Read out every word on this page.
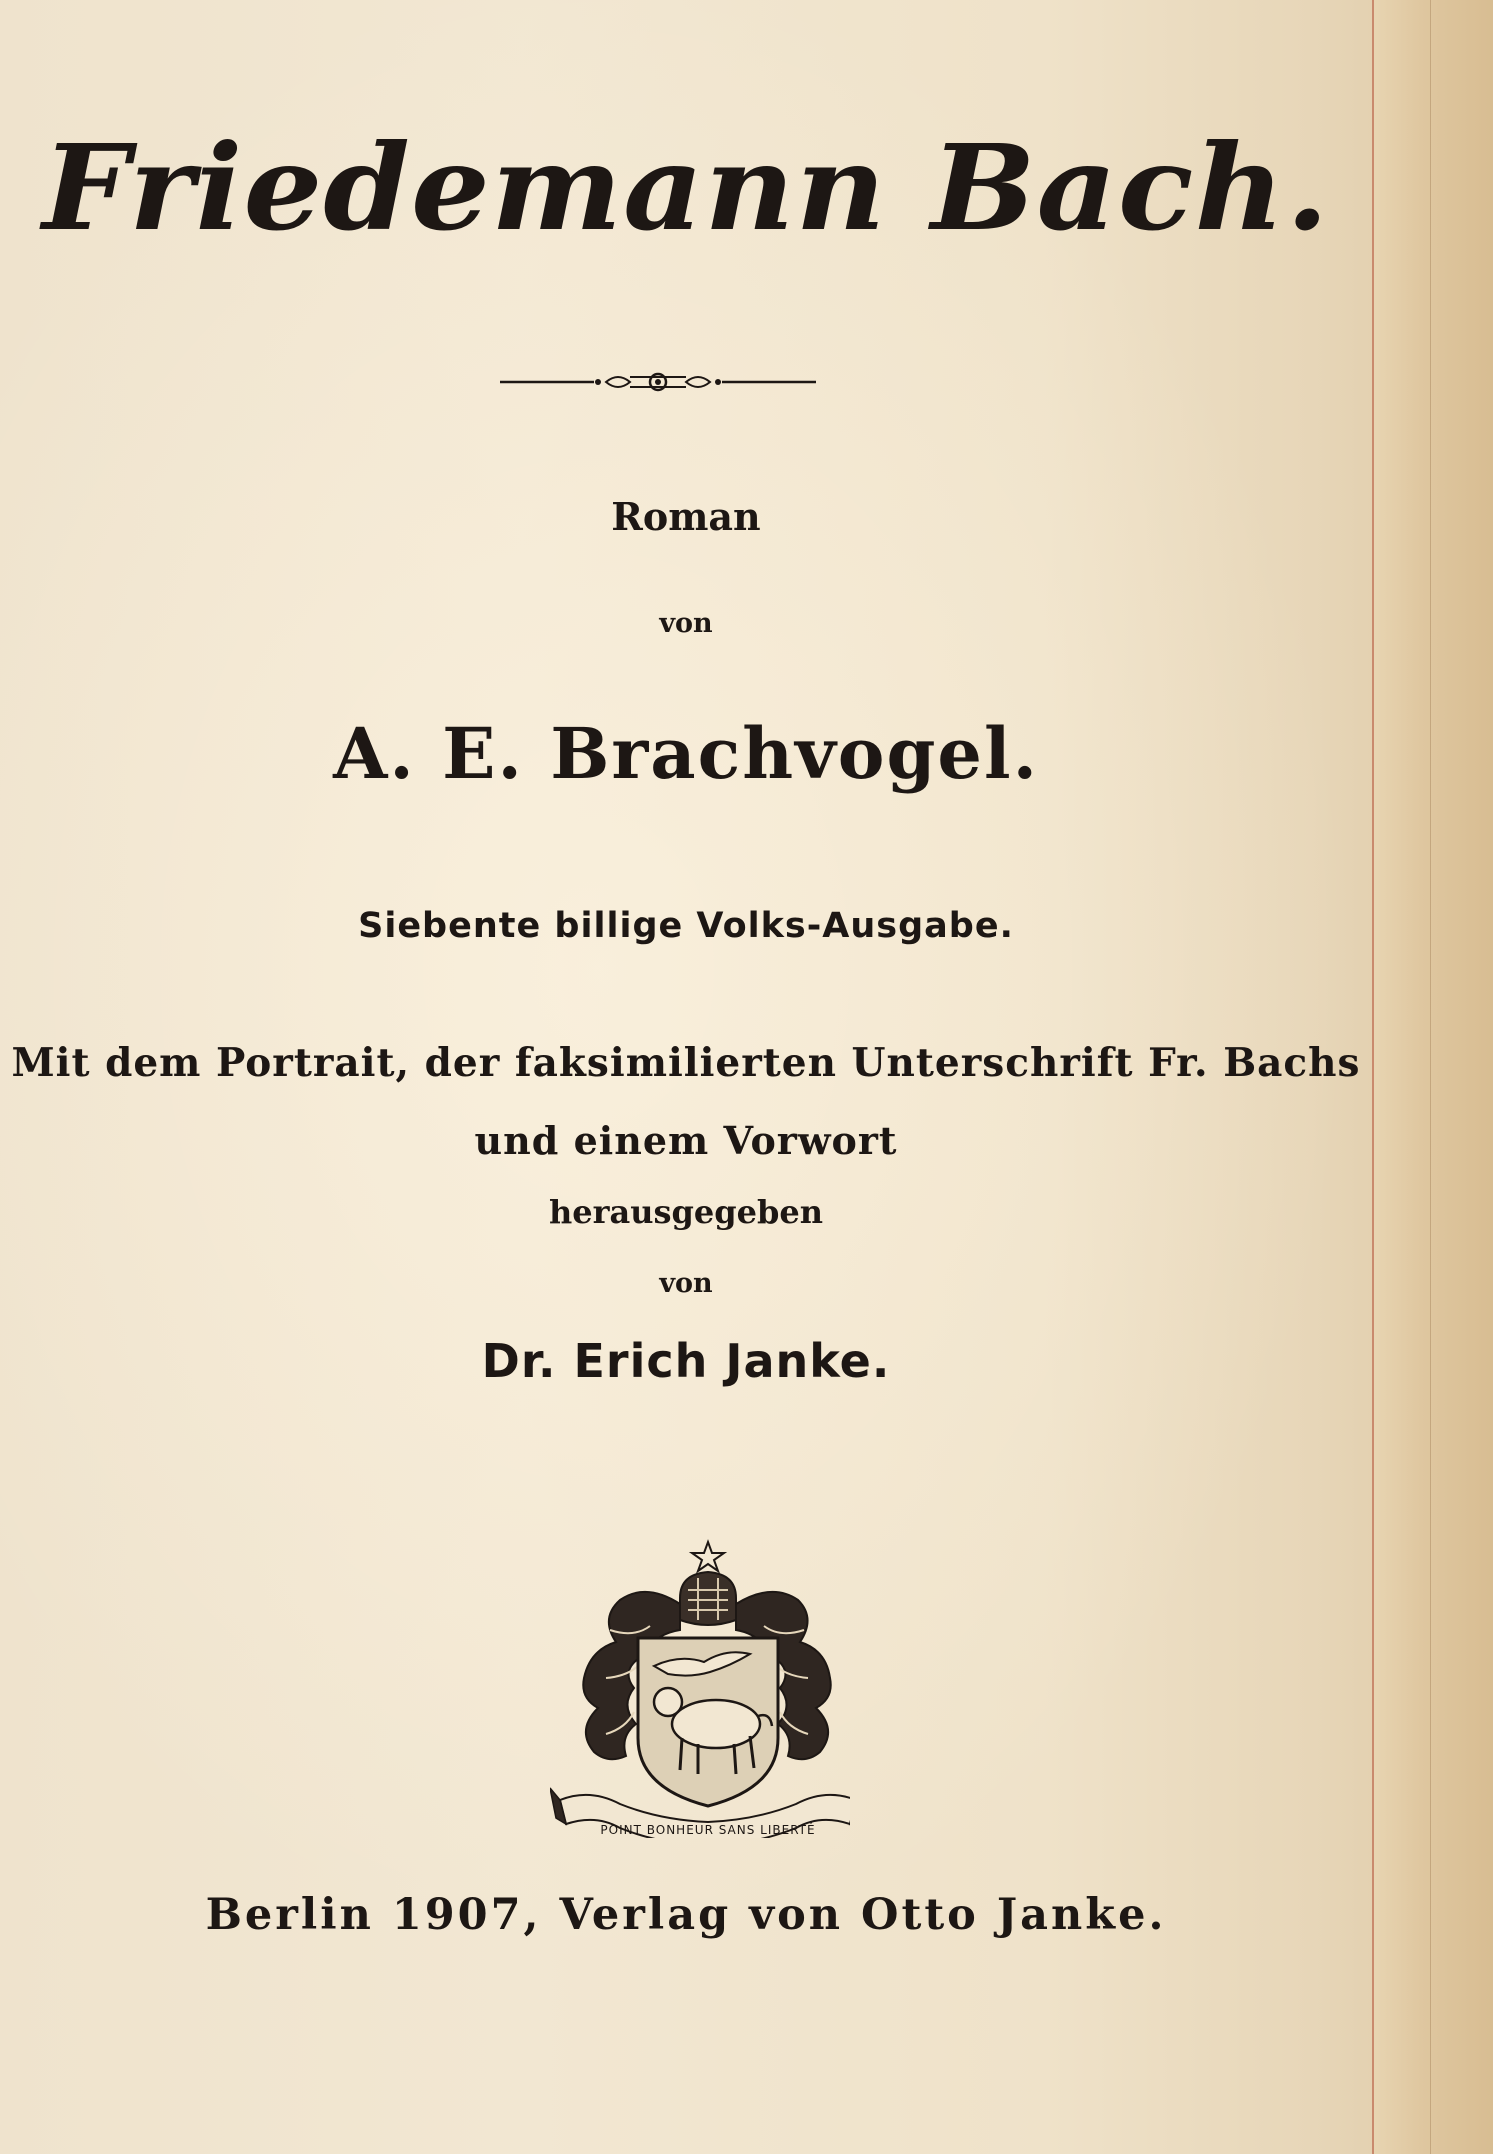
Friedemann Bach.
Roman
von
A. E. Brachvogel.
Siebente billige Volks-Ausgabe.
Mit dem Portrait, der faksimilierten Unterschrift Fr. Bachs
und einem Vorwort
herausgegeben
von
Dr. Erich Janke.
POINT BONHEUR SANS LIBERTÉ
Berlin 1907, Verlag von Otto Janke.
